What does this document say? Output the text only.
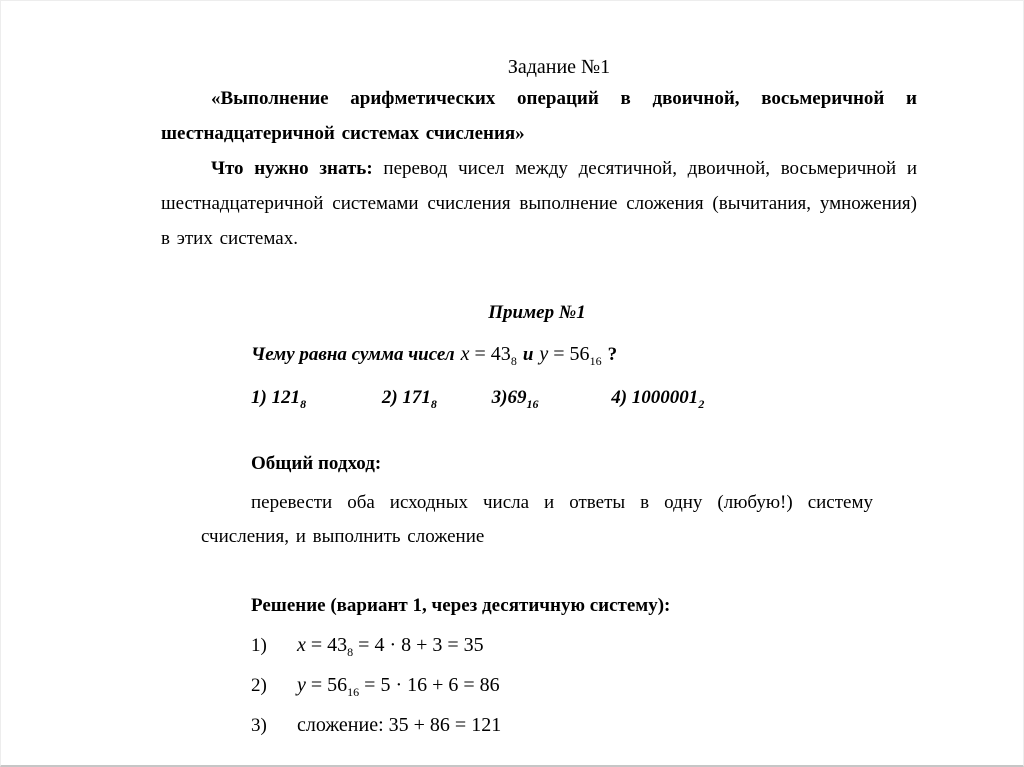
Задание №1

«Выполнение арифметических операций в двоичной, восьмеричной и шестнадцатеричной системах счисления»

Что нужно знать: перевод чисел между десятичной, двоичной, восьмеричной и шестнадцатеричной системами счисления выполнение сложения (вычитания, умножения) в этих системах.

Пример №1

Чему равна сумма чисел $x = 43_8$ и $y = 56_{16}$ ?

1) $121_8$	2) $171_8$	$3)69_{16}$	4) $1000001_2$
Общий подход:

перевести оба исходных числа и ответы в одну (любую!) систему счисления, и выполнить сложение

Решение (вариант 1, через десятичную систему):
1) $x = 43_8 = 4 \cdot 8 + 3 = 35$
2) $y = 56_{16} = 5 \cdot 16 + 6 = 86$
3) сложение: 35 + 86 = 121
